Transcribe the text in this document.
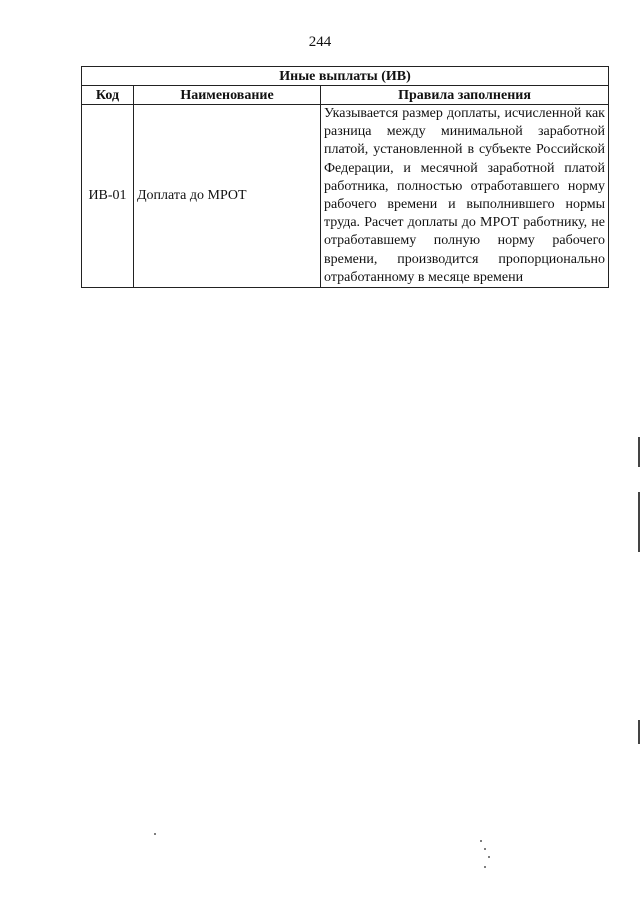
244
Иные выплаты (ИВ)		
Код	Наименование	Правила заполнения
ИВ-01	Доплата до МРОТ	Указывается размер доплаты, исчисленной как разница между минимальной заработной платой, установленной в субъекте Российской Федерации, и месячной заработной платой работника, полностью отработавшего норму рабочего времени и выполнившего нормы труда. Расчет доплаты до МРОТ работнику, не отработавшему полную норму рабочего времени, производится пропорционально отработанному в месяце времени
